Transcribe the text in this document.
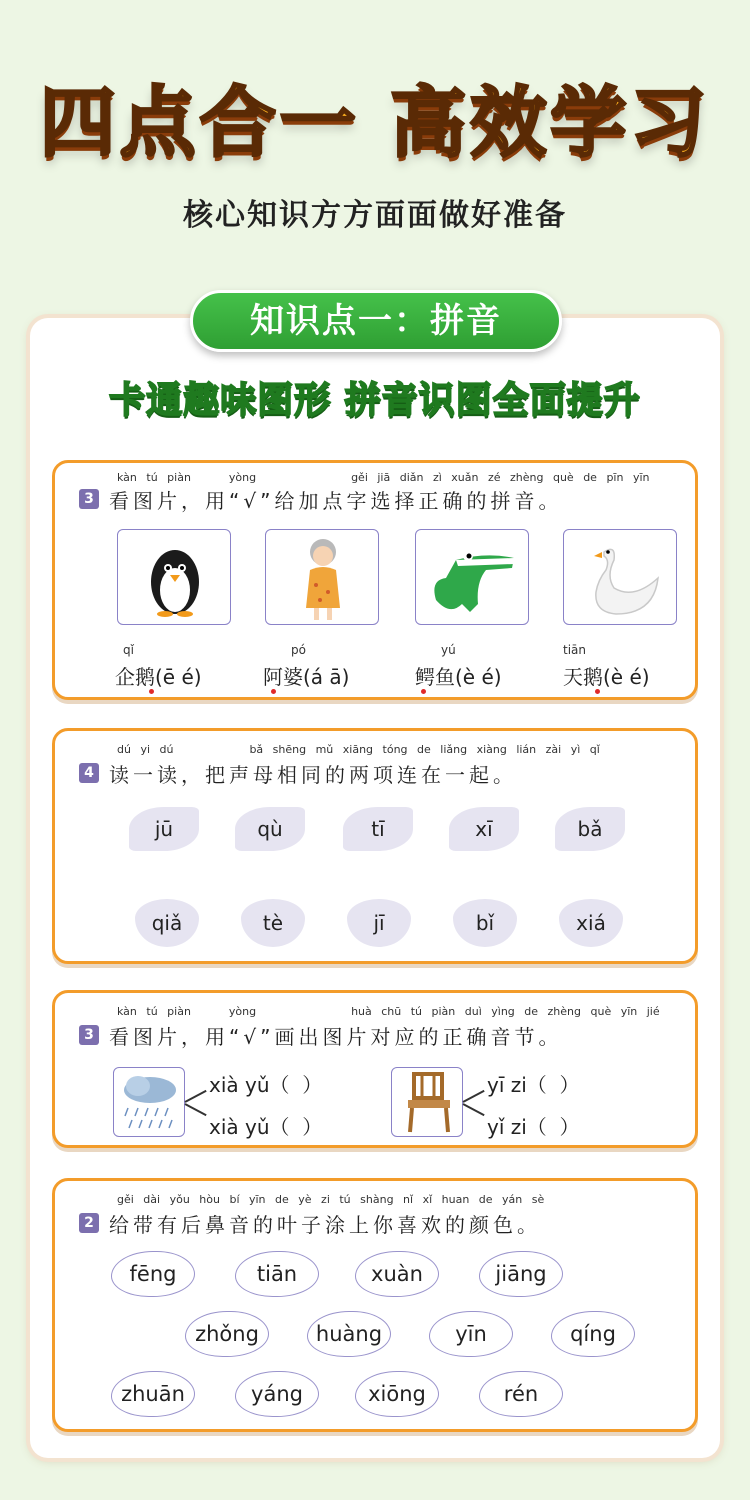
四点合一 高效学习
核心知识方方面面做好准备
知识点一：拼音
卡通趣味图形 拼音识图全面提升
kàn tú piàn    yòng          gěi jiā diǎn zì xuǎn zé zhèng què de pīn yīn
3 看图片，用“√”给加点字选择正确的拼音。
qǐ
企鹅(ē é)
pó
阿婆(á ā)
yú
鳄鱼(è é)
tiān
天鹅(è é)
dú yi dú        bǎ shēng mǔ xiāng tóng de liǎng xiàng lián zài yì qǐ
4 读一读，把声母相同的两项连在一起。
jū	qù	tī	xī	bǎ
qiǎ	tè	jī	bǐ	xiá
kàn tú piàn    yòng          huà chū tú piàn duì yìng de zhèng què yīn jié
3 看图片，用“√”画出图片对应的正确音节。
xià yǔ（  ）
xià yǔ（  ）
yī zi（  ）
yǐ zi（  ）
gěi dài yǒu hòu bí yīn de yè zi tú shàng nǐ xǐ huan de yán sè
2 给带有后鼻音的叶子涂上你喜欢的颜色。
fēng	tiān	xuàn	jiāng
zhǒng	huàng	yīn	qíng
zhuān	yáng	xiōng	rén
